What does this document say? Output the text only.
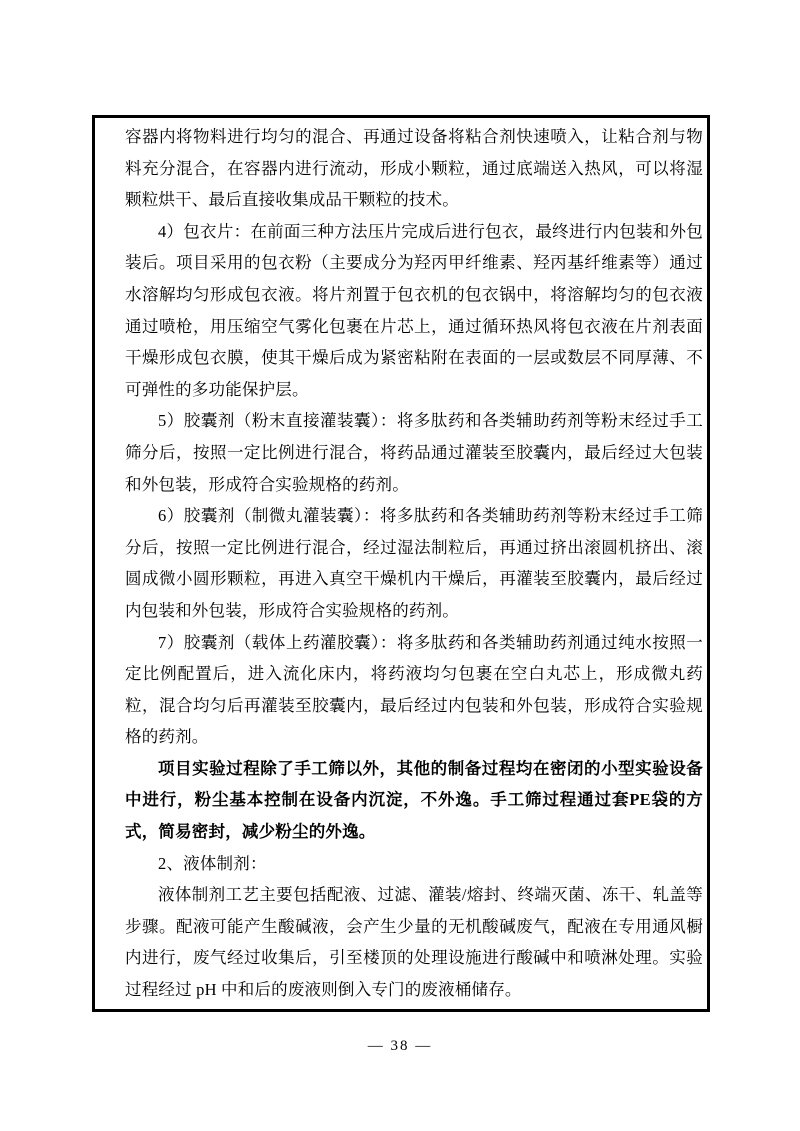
容器内将物料进行均匀的混合、再通过设备将粘合剂快速喷入，让粘合剂与物料充分混合，在容器内进行流动，形成小颗粒，通过底端送入热风，可以将湿颗粒烘干、最后直接收集成品干颗粒的技术。

4）包衣片：在前面三种方法压片完成后进行包衣，最终进行内包装和外包装后。项目采用的包衣粉（主要成分为羟丙甲纤维素、羟丙基纤维素等）通过水溶解均匀形成包衣液。将片剂置于包衣机的包衣锅中，将溶解均匀的包衣液通过喷枪，用压缩空气雾化包裹在片芯上，通过循环热风将包衣液在片剂表面干燥形成包衣膜，使其干燥后成为紧密粘附在表面的一层或数层不同厚薄、不可弹性的多功能保护层。

5）胶囊剂（粉末直接灌装囊）：将多肽药和各类辅助药剂等粉末经过手工筛分后，按照一定比例进行混合，将药品通过灌装至胶囊内，最后经过大包装和外包装，形成符合实验规格的药剂。

6）胶囊剂（制微丸灌装囊）：将多肽药和各类辅助药剂等粉末经过手工筛分后，按照一定比例进行混合，经过湿法制粒后，再通过挤出滚圆机挤出、滚圆成微小圆形颗粒，再进入真空干燥机内干燥后，再灌装至胶囊内，最后经过内包装和外包装，形成符合实验规格的药剂。

7）胶囊剂（载体上药灌胶囊）：将多肽药和各类辅助药剂通过纯水按照一定比例配置后，进入流化床内，将药液均匀包裹在空白丸芯上，形成微丸药粒，混合均匀后再灌装至胶囊内，最后经过内包装和外包装，形成符合实验规格的药剂。

项目实验过程除了手工筛以外，其他的制备过程均在密闭的小型实验设备中进行，粉尘基本控制在设备内沉淀，不外逸。手工筛过程通过套PE袋的方式，简易密封，减少粉尘的外逸。

2、液体制剂：

液体制剂工艺主要包括配液、过滤、灌装/熔封、终端灭菌、冻干、轧盖等步骤。配液可能产生酸碱液，会产生少量的无机酸碱废气，配液在专用通风橱内进行，废气经过收集后，引至楼顶的处理设施进行酸碱中和喷淋处理。实验过程经过 pH 中和后的废液则倒入专门的废液桶储存。

— 38 —
